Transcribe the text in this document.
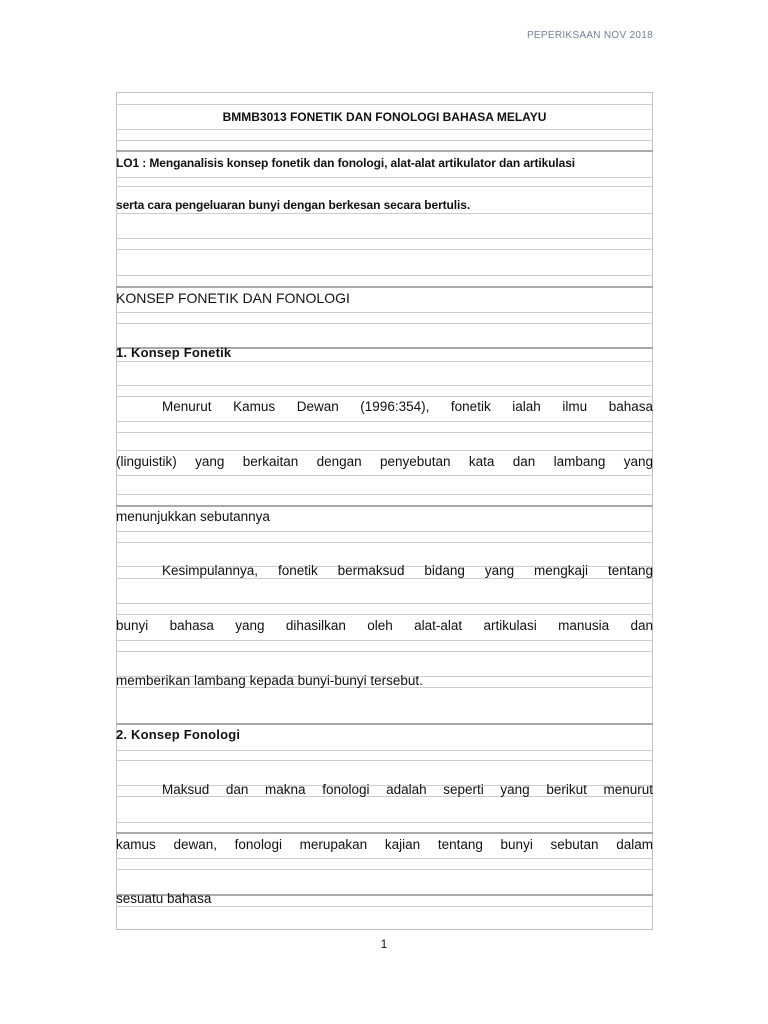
PEPERIKSAAN NOV 2018
BMMB3013 FONETIK DAN FONOLOGI BAHASA MELAYU
LO1 : Menganalisis konsep fonetik dan fonologi, alat-alat artikulator dan artikulasi
serta cara pengeluaran bunyi dengan berkesan secara bertulis.
KONSEP FONETIK DAN FONOLOGI
1. Konsep Fonetik
Menurut Kamus Dewan (1996:354), fonetik ialah ilmu bahasa
(linguistik) yang berkaitan dengan penyebutan kata dan lambang yang
menunjukkan sebutannya
Kesimpulannya, fonetik bermaksud bidang yang mengkaji tentang
bunyi bahasa yang dihasilkan oleh alat-alat artikulasi manusia dan
memberikan lambang kepada bunyi-bunyi tersebut.
2. Konsep Fonologi
Maksud dan makna fonologi adalah seperti yang berikut menurut
kamus dewan, fonologi merupakan kajian tentang bunyi sebutan dalam
sesuatu bahasa
1
